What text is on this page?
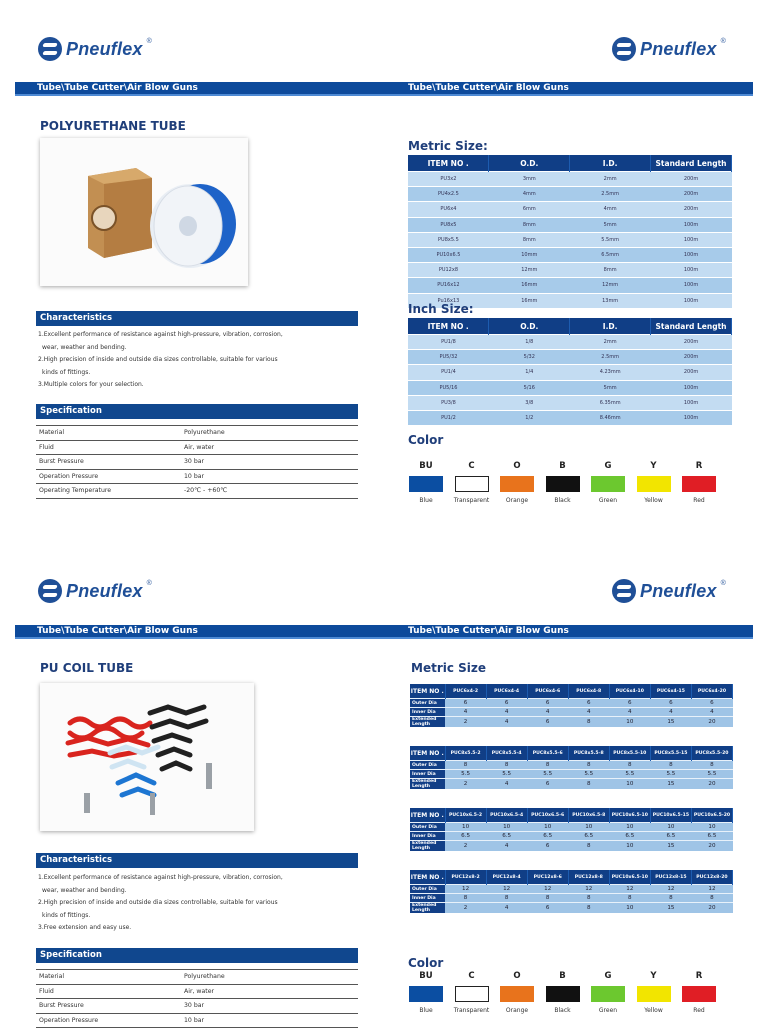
Pneuflex ®	Pneuflex ®
Tube\Tube Cutter\Air Blow Guns	Tube\Tube Cutter\Air Blow Guns
POLYURETHANE TUBE
Characteristics
1.Excellent performance of resistance against high-pressure, vibration, corrosion,
wear, weather and bending.
2.High precision of inside and outside dia sizes controllable, suitable for various
kinds of fittings.
3.Multiple colors for your selection.
Specification
Material	Polyurethane
Fluid	Air, water
Burst Pressure	30 bar
Operation Pressure	10 bar
Operating Temperature	-20℃ - +60℃
Metric Size:
ITEM NO .	O.D.	I.D.	Standard Length
PU3x2	3mm	2mm	200m
PU4x2.5	4mm	2.5mm	200m
PU6x4	6mm	4mm	200m
PU8x5	8mm	5mm	100m
PU8x5.5	8mm	5.5mm	100m
PU10x6.5	10mm	6.5mm	100m
PU12x8	12mm	8mm	100m
PU16x12	16mm	12mm	100m
Pu16x13	16mm	13mm	100m
Inch Size:
ITEM NO .	O.D.	I.D.	Standard Length
PU1/8	1/8	2mm	200m
PU5/32	5/32	2.5mm	200m
PU1/4	1/4	4.23mm	200m
PU5/16	5/16	5mm	100m
PU3/8	3/8	6.35mm	100m
PU1/2	1/2	8.46mm	100m
Color
BU
Blue
C
Transparent
O
Orange
B
Black
G
Green
Y
Yellow
R
Red
Pneuflex ®	Pneuflex ®
Tube\Tube Cutter\Air Blow Guns	Tube\Tube Cutter\Air Blow Guns
PU COIL TUBE
Characteristics
1.Excellent performance of resistance against high-pressure, vibration, corrosion,
wear, weather and bending.
2.High precision of inside and outside dia sizes controllable, suitable for various
kinds of fittings.
3.Free extension and easy use.
Specification
Material	Polyurethane
Fluid	Air, water
Burst Pressure	30 bar
Operation Pressure	10 bar
Metric Size
ITEM NO .	PUC6x4-2	PUC6x4-4	PUC6x4-6	PUC6x4-8	PUC6x4-10	PUC6x4-15	PUC6x4-20
Outer Dia	6	6	6	6	6	6	6
Inner Dia	4	4	4	4	4	4	4
Extended Length	2	4	6	8	10	15	20
ITEM NO .	PUC8x5.5-2	PUC8x5.5-4	PUC8x5.5-6	PUC8x5.5-8	PUC8x5.5-10	PUC8x5.5-15	PUC8x5.5-20
Outer Dia	8	8	8	8	8	8	8
Inner Dia	5.5	5.5	5.5	5.5	5.5	5.5	5.5
Extended Length	2	4	6	8	10	15	20
ITEM NO .	PUC10x6.5-2	PUC10x6.5-4	PUC10x6.5-6	PUC10x6.5-8	PUC10x6.5-10	PUC10x6.5-15	PUC10x6.5-20
Outer Dia	10	10	10	10	10	10	10
Inner Dia	6.5	6.5	6.5	6.5	6.5	6.5	6.5
Extended Length	2	4	6	8	10	15	20
ITEM NO .	PUC12x8-2	PUC12x8-4	PUC12x8-6	PUC12x8-8	PUC10x6.5-10	PUC12x8-15	PUC12x8-20
Outer Dia	12	12	12	12	12	12	12
Inner Dia	8	8	8	8	8	8	8
Extended Length	2	4	6	8	10	15	20
Color
BU
Blue
C
Transparent
O
Orange
B
Black
G
Green
Y
Yellow
R
Red
